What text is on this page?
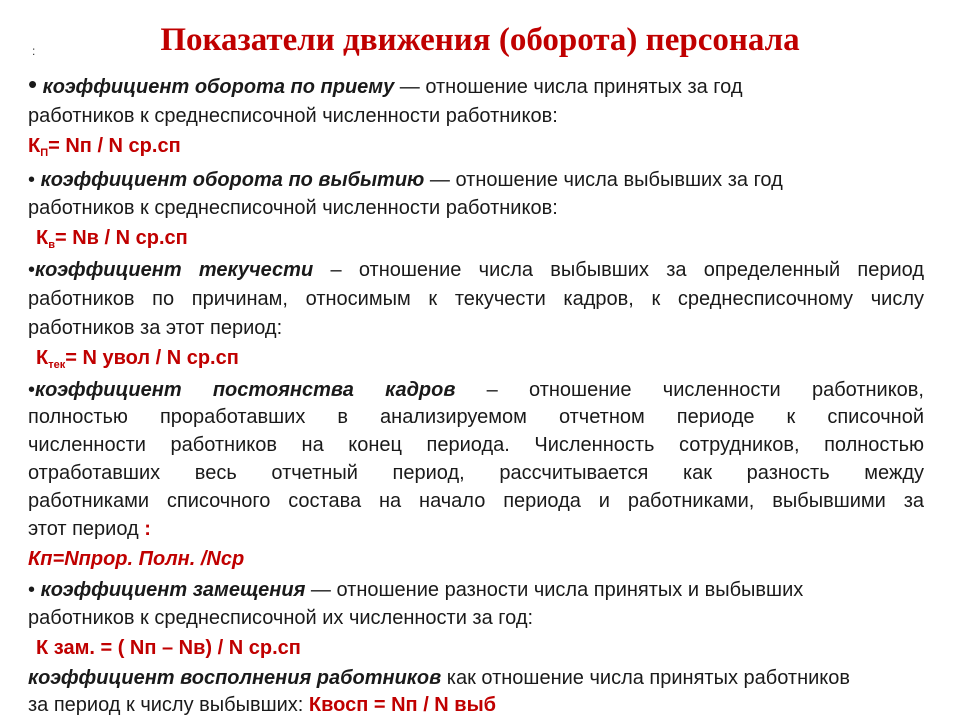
Показатели движения (оборота) персонала
:
• коэффициент оборота по приему — отношение числа принятых за год
работников к среднесписочной численности работников:
$К_П=$ Nп / N ср.сп
• коэффициент оборота по выбытию — отношение числа выбывших за год
работников к среднесписочной численности работников:
$К_в=$ Nв / N ср.сп
•коэффициент текучести – отношение числа выбывших за определенный период
работников по причинам, относимым к текучести кадров, к среднесписочному числу
работников за этот период:
$К_{тек}= N$ увол / N ср.сп
•коэффициент постоянства кадров – отношение численности работников,
полностью проработавших в анализируемом отчетном периоде к списочной
численности работников на конец периода. Численность сотрудников, полностью
отработавших весь отчетный период, рассчитывается как разность между
работниками списочного состава на начало периода и работниками, выбывшими за
этот период :
Кп=Nпрор. Полн. /Nср
• коэффициент замещения — отношение разности числа принятых и выбывших
работников к среднесписочной их численности за год:
К зам. = ( Nп – Nв) / N ср.сп
коэффициент восполнения работников как отношение числа принятых работников
за период к числу выбывших: Квосп = Nп / N выб
